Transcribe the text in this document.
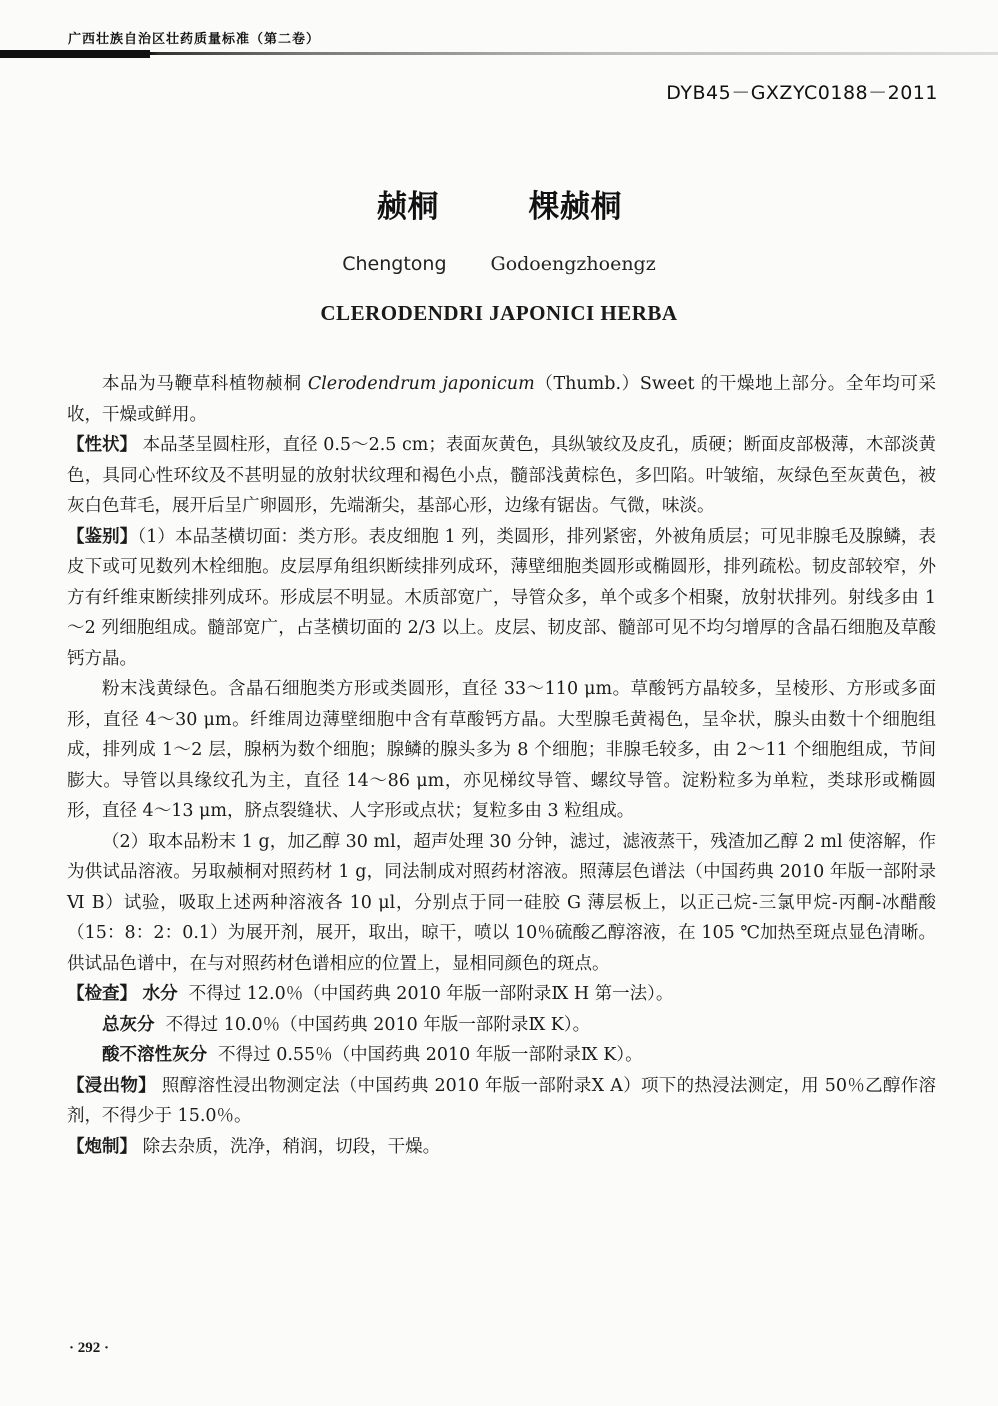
广西壮族自治区壮药质量标准（第二卷）
DYB45－GXZYC0188－2011
赪桐	棵赪桐
Chengtong Godoengzhoengz
CLERODENDRI JAPONICI HERBA

本品为马鞭草科植物赪桐 Clerodendrum japonicum（Thumb.）Sweet 的干燥地上部分。全年均可采收，干燥或鲜用。

【性状】 本品茎呈圆柱形，直径 0.5～2.5 cm；表面灰黄色，具纵皱纹及皮孔，质硬；断面皮部极薄，木部淡黄色，具同心性环纹及不甚明显的放射状纹理和褐色小点，髓部浅黄棕色，多凹陷。叶皱缩，灰绿色至灰黄色，被灰白色茸毛，展开后呈广卵圆形，先端渐尖，基部心形，边缘有锯齿。气微，味淡。

【鉴别】（1）本品茎横切面：类方形。表皮细胞 1 列，类圆形，排列紧密，外被角质层；可见非腺毛及腺鳞，表皮下或可见数列木栓细胞。皮层厚角组织断续排列成环，薄壁细胞类圆形或椭圆形，排列疏松。韧皮部较窄，外方有纤维束断续排列成环。形成层不明显。木质部宽广，导管众多，单个或多个相聚，放射状排列。射线多由 1～2 列细胞组成。髓部宽广，占茎横切面的 2/3 以上。皮层、韧皮部、髓部可见不均匀增厚的含晶石细胞及草酸钙方晶。

粉末浅黄绿色。含晶石细胞类方形或类圆形，直径 33～110 μm。草酸钙方晶较多，呈棱形、方形或多面形，直径 4～30 μm。纤维周边薄壁细胞中含有草酸钙方晶。大型腺毛黄褐色，呈伞状，腺头由数十个细胞组成，排列成 1～2 层，腺柄为数个细胞；腺鳞的腺头多为 8 个细胞；非腺毛较多，由 2～11 个细胞组成，节间膨大。导管以具缘纹孔为主，直径 14～86 μm，亦见梯纹导管、螺纹导管。淀粉粒多为单粒，类球形或椭圆形，直径 4～13 μm，脐点裂缝状、人字形或点状；复粒多由 3 粒组成。

（2）取本品粉末 1 g，加乙醇 30 ml，超声处理 30 分钟，滤过，滤液蒸干，残渣加乙醇 2 ml 使溶解，作为供试品溶液。另取赪桐对照药材 1 g，同法制成对照药材溶液。照薄层色谱法（中国药典 2010 年版一部附录Ⅵ B）试验，吸取上述两种溶液各 10 μl，分别点于同一硅胶 G 薄层板上，以正己烷-三氯甲烷-丙酮-冰醋酸（15：8：2：0.1）为展开剂，展开，取出，晾干，喷以 10％硫酸乙醇溶液，在 105 ℃加热至斑点显色清晰。供试品色谱中，在与对照药材色谱相应的位置上，显相同颜色的斑点。

【检查】 水分 不得过 12.0％（中国药典 2010 年版一部附录Ⅸ H 第一法）。

总灰分 不得过 10.0％（中国药典 2010 年版一部附录Ⅸ K）。

酸不溶性灰分 不得过 0.55％（中国药典 2010 年版一部附录Ⅸ K）。

【浸出物】 照醇溶性浸出物测定法（中国药典 2010 年版一部附录Ⅹ A）项下的热浸法测定，用 50％乙醇作溶剂，不得少于 15.0％。

【炮制】 除去杂质，洗净，稍润，切段，干燥。

· 292 ·
